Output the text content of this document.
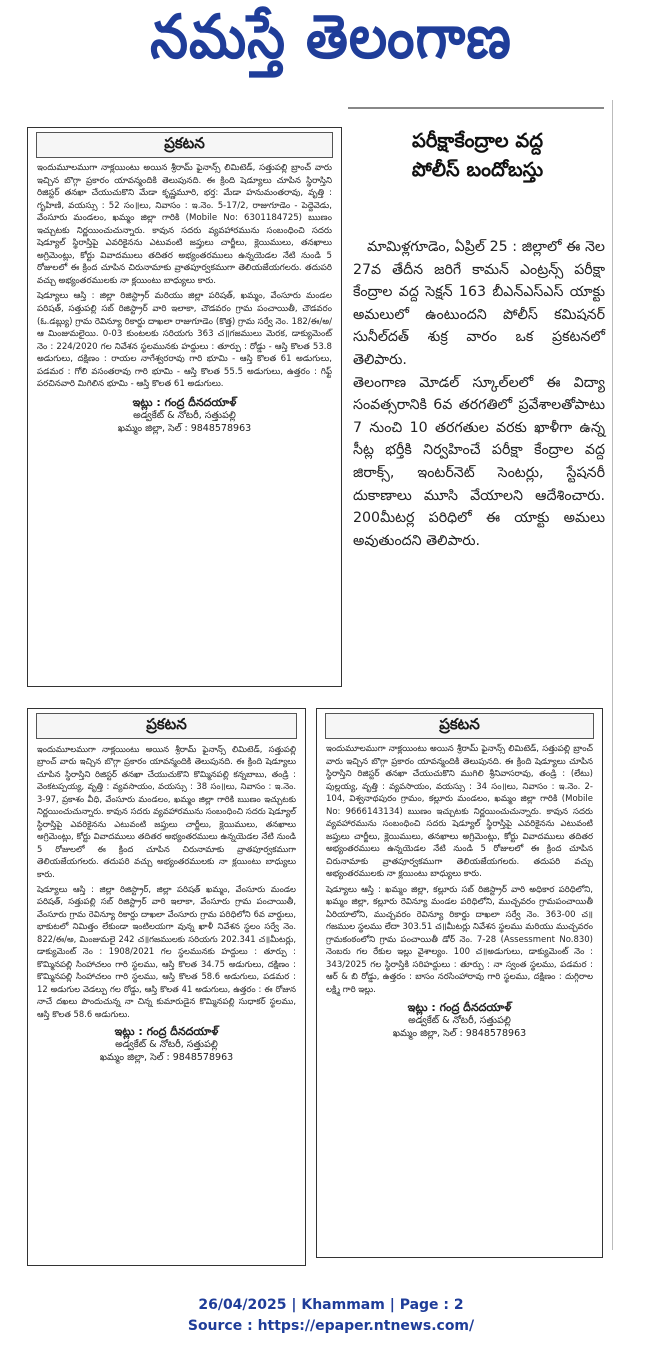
నమస్తే తెలంగాణ
ప్రకటన

ఇందుమూలముగా నాక్లయింటు అయిన శ్రీరామ్ ఫైనాన్స్ లిమిటెడ్, సత్తుపల్లి బ్రాంచ్ వారు ఇచ్చిన బొగ్గా ప్రకారం యావన్మందికి తెలుపునది. ఈ క్రింది షెడ్యూలు చూపిన స్థిరాస్తిని రిజిస్టర్ తనఖా చేయుచుకొని మేడా కృష్ణమూరి, భర్త: మేడా హనుమంతరావు, వృత్తి : గృహిణి, వయస్సు : 52 సం॥లు, నివాసం : ఇ.నెం. 5-17/2, రాజుగూడెం - పెద్దెవెడు, వేంసూరు మండలం, ఖమ్మం జిల్లా గారికి (Mobile No: 6301184725) ఋణం ఇచ్చుటకు నిర్ణయించుచున్నారు. కావున సదరు వ్యవహారమును సంబంధించి సదరు షెడ్యూల్ స్థిరాస్తిపై ఎవరికైనను ఎటువంటి జప్తులు చార్జీలు, క్లెయిములు, తనఖాలు అగ్రిమెంట్లు, కోర్టు వివాదములు తదితర అభ్యంతరములు ఉన్నయెడల నేటి నుండి 5 రోజులలో ఈ క్రింద చూపిన చిరునామాకు వ్రాతపూర్వకముగా తెలియజేయగలరు. తదుపరి వచ్చు అభ్యంతరములకు నా క్లయింటు బాధ్యులు కారు.

షెడ్యూలు ఆస్తి : జిల్లా రిజిస్ట్రార్ మరియు జిల్లా పరిషత్, ఖమ్మం, వేంసూరు మండల పరిషత్, సత్తుపల్లి సబ్ రిజిస్ట్రార్ వారి ఇలాకా, చౌడవరం గ్రామ పంచాయితీ, చౌడవరం (ఓ.డబ్ల్యు) గ్రామ రెవిన్యూ రికార్డు దాఖలా రాజుగూడెం (కొత్త) గ్రామ సర్వే నెం. 182/ఈ/అ/ఆ మింజుమలైయి. 0-03 కుంటలకు సరియగు 363 చ॥గజములు మెరక, డాక్యుమెంట్ నెం : 224/2020 గల నివేశన స్థలమునకు హద్దులు : తూర్పు : రోడ్డు - ఆస్తి కొలత 53.8 అడుగులు, దక్షిణం : రాయల నాగేశ్వరరావు గారి భూమి - ఆస్తి కొలత 61 అడుగులు, పడమర : గోలి వసంతరావు గారి భూమి - ఆస్తి కొలత 55.5 అడుగులు, ఉత్తరం : గిఫ్ట్ పరచినవారి మిగిలిన భూమి - ఆస్తి కొలత 61 అడుగులు.

ఇట్లు : గంద్ర దీనదయాళ్
అడ్వకేట్ & నోటరీ, సత్తుపల్లి
ఖమ్మం జిల్లా, సెల్ : 9848578963
పరీక్షాకేంద్రాల వద్ద
పోలీస్ బందోబస్తు

మామిళ్లగూడెం, ఏప్రిల్ 25 : జిల్లాలో ఈ నెల 27వ తేదీన జరిగే కామన్ ఎంట్రన్స్ పరీక్షా కేంద్రాల వద్ద సెక్షన్ 163 బీఎన్ఎస్ఎస్ యాక్టు అమలులో ఉంటుందని పోలీస్ కమిషనర్ సునీల్‌దత్ శుక్ర వారం ఒక ప్రకటనలో తెలిపారు.

తెలంగాణ మోడల్ స్కూల్‌లలో ఈ విద్యా సంవత్సరానికి 6వ తరగతిలో ప్రవేశాలతోపాటు 7 నుంచి 10 తరగతుల వరకు ఖాళీగా ఉన్న సీట్ల భర్తీకి నిర్వహించే పరీక్షా కేంద్రాల వద్ద జిరాక్స్, ఇంటర్‌నెట్ సెంటర్లు, స్టేషనరీ దుకాణాలు మూసి వేయాలని ఆదేశించారు. 200మీటర్ల పరిధిలో ఈ యాక్టు అమలు అవుతుందని తెలిపారు.

ప్రకటన

ఇందుమూలముగా నాక్లయింటు అయిన శ్రీరామ్ ఫైనాన్స్ లిమిటెడ్, సత్తుపల్లి బ్రాంచ్ వారు ఇచ్చిన బొగ్గా ప్రకారం యావన్మందికి తెలుపునది. ఈ క్రింది షెడ్యూలు చూపిన స్థిరాస్తిని రిజిస్టర్ తనఖా చేయుచుకొని కొమ్మినపల్లి కన్నబాబు, తండ్రి : వెంకటప్పయ్య, వృత్తి : వ్యవసాయం, వయస్సు : 38 సం॥లు, నివాసం : ఇ.నెం. 3-97, ప్రకాశం వీధి, వేంసూరు మండలం, ఖమ్మం జిల్లా గారికి ఋణం ఇచ్చుటకు నిర్ణయించుచున్నారు. కావున సదరు వ్యవహారమును సంబంధించి సదరు షెడ్యూల్ స్థిరాస్తిపై ఎవరికైనను ఎటువంటి జప్తులు చార్జీలు, క్లెయిములు, తనఖాలు అగ్రిమెంట్లు, కోర్టు వివాదములు తదితర అభ్యంతరములు ఉన్నయెడల నేటి నుండి 5 రోజులలో ఈ క్రింద చూపిన చిరునామాకు వ్రాతపూర్వకముగా తెలియజేయగలరు. తదుపరి వచ్చు అభ్యంతరములకు నా క్లయింటు బాధ్యులు కారు.

షెడ్యూలు ఆస్తి : జిల్లా రిజిస్ట్రార్, జిల్లా పరిషత్ ఖమ్మం, వేంసూరు మండల పరిషత్, సత్తుపల్లి సబ్ రిజిస్ట్రార్ వారి ఇలాకా, వేంసూరు గ్రామ పంచాయితీ, వేంసూరు గ్రామ రెవిన్యూ రికార్డు దాఖలా వేంసూరు గ్రామ పరిధిలోని 6వ వార్డులు, భాకుటలో నిమిత్తం లేకుండా ఇంటిలయగా వున్న ఖాళీ నివేశన స్థలం సర్వే నెం. 822/ఈ/అ, మింజుమలై 242 చ॥గజములకు సరియగు 202.341 చ॥మీటర్లు, డాక్యుమెంట్ నెం : 1908/2021 గల స్థలమునకు హద్దులు : తూర్పు : కొమ్మినపల్లి సింహాచలం గారి స్థలము, ఆస్తి కొలత 34.75 అడుగులు, దక్షిణం : కొమ్మినపల్లి సింహాచలం గారి స్థలము, ఆస్తి కొలత 58.6 అడుగులు, పడమర : 12 అడుగుల వెడల్పు గల రోడ్డు, ఆస్తి కొలత 41 అడుగులు, ఉత్తరం : ఈ రోజున నాచే దఖలు పొందుచున్న నా చిన్న కుమారుడైన కొమ్మినపల్లి సుధాకర్ స్థలము, ఆస్తి కొలత 58.6 అడుగులు.

ఇట్లు : గంద్ర దీనదయాళ్
అడ్వకేట్ & నోటరీ, సత్తుపల్లి
ఖమ్మం జిల్లా, సెల్ : 9848578963
ప్రకటన

ఇందుమూలముగా నాక్లయింటు అయిన శ్రీరామ్ ఫైనాన్స్ లిమిటెడ్, సత్తుపల్లి బ్రాంచ్ వారు ఇచ్చిన బొగ్గా ప్రకారం యావన్మందికి తెలుపునది. ఈ క్రింది షెడ్యూలు చూపిన స్థిరాస్తిని రిజిస్టర్ తనఖా చేయుచుకొని ముగిలి శ్రీనివాసరావు, తండ్రి : (లేటు) పుల్లయ్య, వృత్తి : వ్యవసాయం, వయస్సు : 34 సం॥లు, నివాసం : ఇ.నెం. 2-104, విశ్వనాథపురం గ్రామం, కల్లూరు మండలం, ఖమ్మం జిల్లా గారికి (Mobile No: 9666143134) ఋణం ఇచ్చుటకు నిర్ణయించుచున్నారు. కావున సదరు వ్యవహారమును సంబంధించి సదరు షెడ్యూల్ స్థిరాస్తిపై ఎవరికైనను ఎటువంటి జప్తులు చార్జీలు, క్లెయిములు, తనఖాలు అగ్రిమెంట్లు, కోర్టు వివాదములు తదితర అభ్యంతరములు ఉన్నయెడల నేటి నుండి 5 రోజులలో ఈ క్రింద చూపిన చిరునామాకు వ్రాతపూర్వకముగా తెలియజేయగలరు. తదుపరి వచ్చు అభ్యంతరములకు నా క్లయింటు బాధ్యులు కారు.

షెడ్యూలు ఆస్తి : ఖమ్మం జిల్లా, కల్లూరు సబ్ రిజిస్ట్రార్ వారి అధికార పరిధిలోని, ఖమ్మం జిల్లా, కల్లూరు రెవిన్యూ మండల పరిధిలోని, ముచ్చవరం గ్రామపంచాయితీ ఏరియాలోని, ముచ్చవరం రెవిన్యూ రికార్డు దాఖలా సర్వే నెం. 363-00 చ॥గజముల స్థలము లేదా 303.51 చ॥మీటర్లు నివేశన స్థలము మరియు ముచ్చవరం గ్రామకంఠంలోని గ్రామ పంచాయితీ డోర్ నెం. 7-28 (Assessment No.830) నెంబరు గల రేకుల ఇల్లు వైశాల్యం. 100 చ॥అడుగులు, డాక్యుమెంట్ నెం : 343/2025 గల స్థిరాస్తికి సరిహద్దులు : తూర్పు : నా స్వంత స్థలము, పడమర : ఆర్ & బి రోడ్డు, ఉత్తరం : బాసం నరసింహారావు గారి స్థలము, దక్షిణం : దుగ్గిరాల లక్ష్మి గారి ఇల్లు.

ఇట్లు : గంద్ర దీనదయాళ్
అడ్వకేట్ & నోటరీ, సత్తుపల్లి
ఖమ్మం జిల్లా, సెల్ : 9848578963
26/04/2025 | Khammam | Page : 2
Source : https://epaper.ntnews.com/
